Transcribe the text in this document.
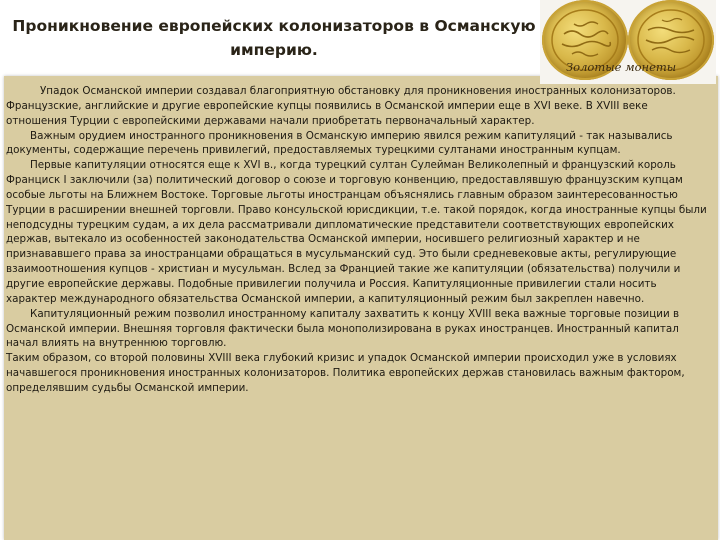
Проникновение европейских колонизаторов в Османскую империю.
Золотые монеты

Упадок Османской империи создавал благоприятную обстановку для проникновения иностранных колонизаторов. Французские, английские и другие европейские купцы появились в Османской империи еще в XVI веке. В XVIII веке отношения Турции с европейскими державами начали приобретать первоначальный характер.

Важным орудием иностранного проникновения в Османскую империю явился режим капитуляций - так назывались документы, содержащие перечень привилегий, предоставляемых турецкими султанами иностранным купцам.

Первые капитуляции относятся еще к XVI в., когда турецкий султан Сулейман Великолепный и французский король Франциск I заключили (за) политический договор о союзе и торговую конвенцию, предоставлявшую французским купцам особые льготы на Ближнем Востоке. Торговые льготы иностранцам объяснялись главным образом заинтересованностью Турции в расширении внешней торговли. Право консульской юрисдикции, т.е. такой порядок, когда иностранные купцы были неподсудны турецким судам, а их дела рассматривали дипломатические представители соответствующих европейских держав, вытекало из особенностей законодательства Османской империи, носившего религиозный характер и не признававшего права за иностранцами обращаться в мусульманский суд. Это были средневековые акты, регулирующие взаимоотношения купцов - христиан и мусульман. Вслед за Францией такие же капитуляции (обязательства) получили и другие европейские державы. Подобные привилегии получила и Россия. Капитуляционные привилегии стали носить характер международного обязательства Османской империи, а капитуляционный режим был закреплен навечно.

Капитуляционный режим позволил иностранному капиталу захватить к концу XVIII века важные торговые позиции в Османской империи. Внешняя торговля фактически была монополизирована в руках иностранцев. Иностранный капитал начал влиять на внутреннюю торговлю.

Таким образом, со второй половины XVIII века глубокий кризис и упадок Османской империи происходил уже в условиях начавшегося проникновения иностранных колонизаторов. Политика европейских держав становилась важным фактором, определявшим судьбы Османской империи.
